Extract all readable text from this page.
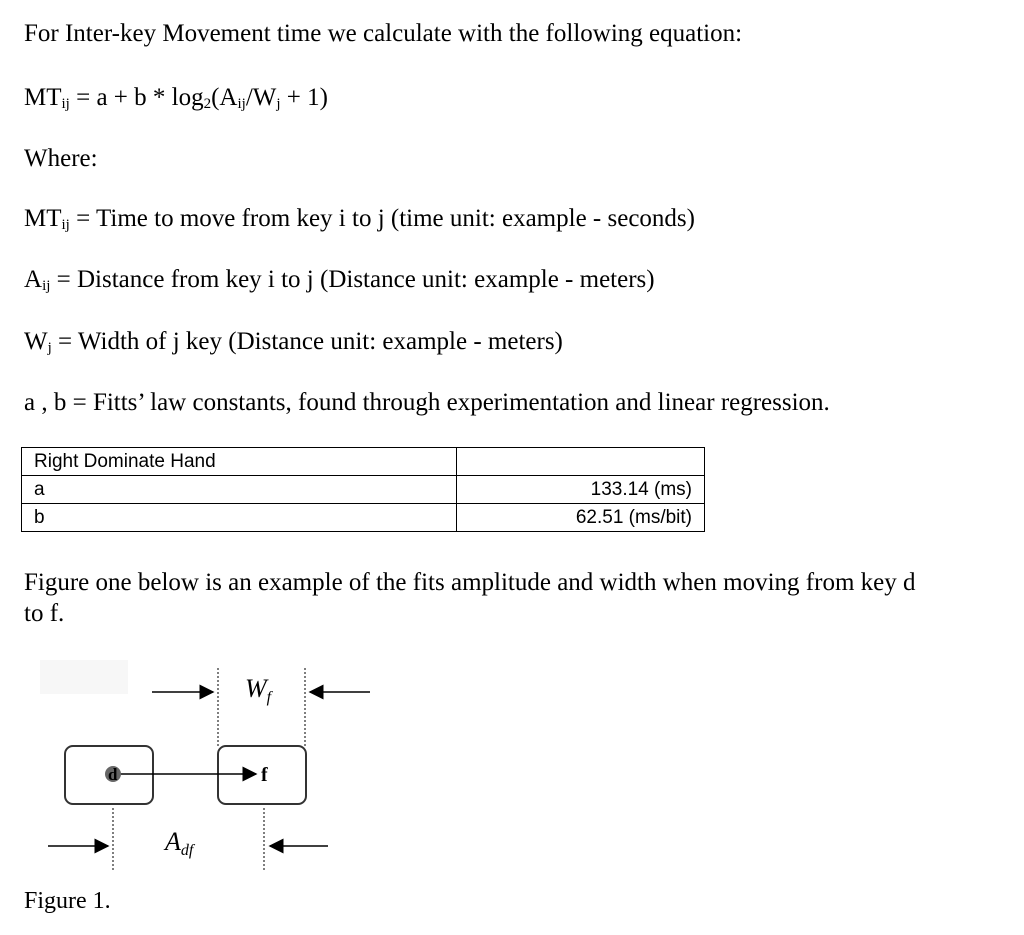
For Inter-key Movement time we calculate with the following equation:
$MT_{ij} = a + b * \log_2(A_{ij}/W_j + 1)$
Where:
$MT_{ij}$ = Time to move from key i to j (time unit: example - seconds)
$A_{ij}$ = Distance from key i to j (Distance unit: example - meters)
$W_j$ = Width of j key (Distance unit: example - meters)
a , b = Fitts’ law constants, found through experimentation and linear regression.
Right Dominate Hand	
a	133.14 (ms)
b	62.51 (ms/bit)
Figure one below is an example of the fits amplitude and width when moving from key d
to f.
Wf
d	f
Adf
Figure 1.
